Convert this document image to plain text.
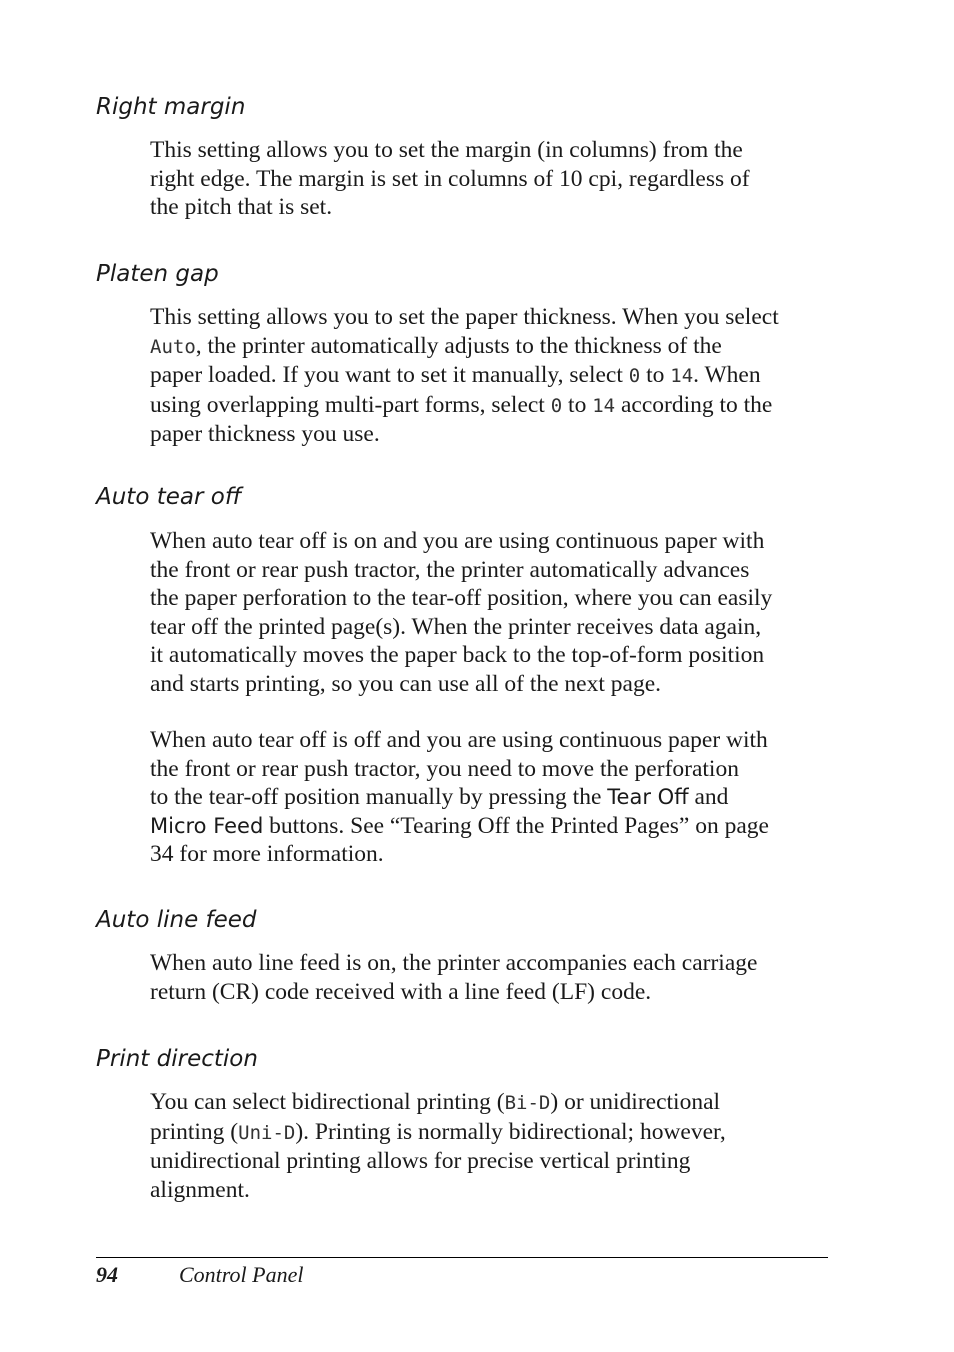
Right margin

This setting allows you to set the margin (in columns) from the
right edge. The margin is set in columns of 10 cpi, regardless of
the pitch that is set.

Platen gap

This setting allows you to set the paper thickness. When you select
Auto, the printer automatically adjusts to the thickness of the
paper loaded. If you want to set it manually, select 0 to 14. When
using overlapping multi-part forms, select 0 to 14 according to the
paper thickness you use.

Auto tear off

When auto tear off is on and you are using continuous paper with
the front or rear push tractor, the printer automatically advances
the paper perforation to the tear-off position, where you can easily
tear off the printed page(s). When the printer receives data again,
it automatically moves the paper back to the top-of-form position
and starts printing, so you can use all of the next page.

When auto tear off is off and you are using continuous paper with
the front or rear push tractor, you need to move the perforation
to the tear-off position manually by pressing the Tear Off and
Micro Feed buttons. See “Tearing Off the Printed Pages” on page
34 for more information.

Auto line feed

When auto line feed is on, the printer accompanies each carriage
return (CR) code received with a line feed (LF) code.

Print direction

You can select bidirectional printing (Bi-D) or unidirectional
printing (Uni-D). Printing is normally bidirectional; however,
unidirectional printing allows for precise vertical printing
alignment.

94	Control Panel
